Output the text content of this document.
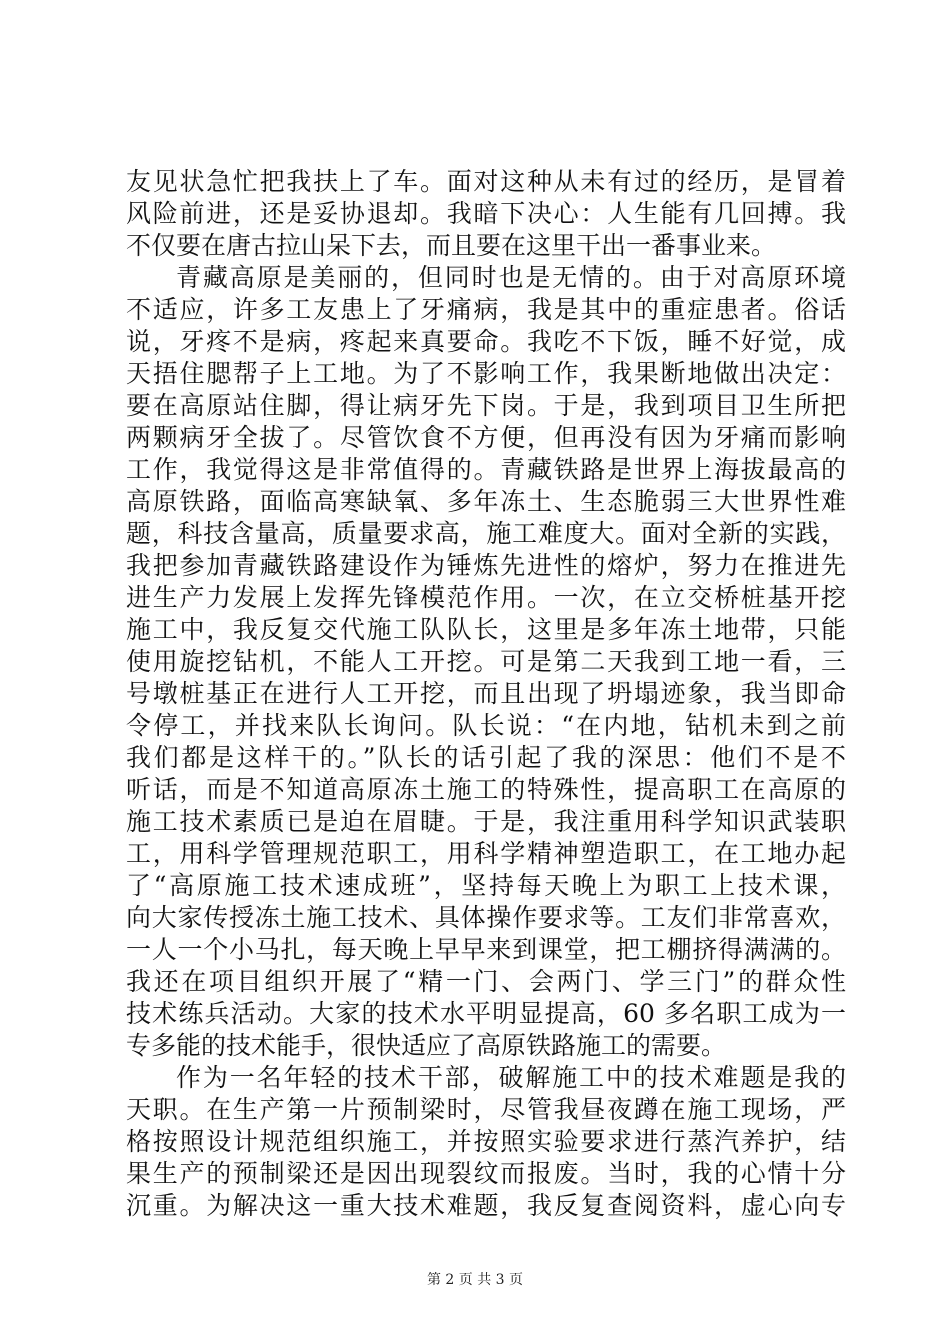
友见状急忙把我扶上了车。面对这种从未有过的经历，是冒着
风险前进，还是妥协退却。我暗下决心：人生能有几回搏。我
不仅要在唐古拉山呆下去，而且要在这里干出一番事业来。
青藏高原是美丽的，但同时也是无情的。由于对高原环境
不适应，许多工友患上了牙痛病，我是其中的重症患者。俗话
说，牙疼不是病，疼起来真要命。我吃不下饭，睡不好觉，成
天捂住腮帮子上工地。为了不影响工作，我果断地做出决定：
要在高原站住脚，得让病牙先下岗。于是，我到项目卫生所把
两颗病牙全拔了。尽管饮食不方便，但再没有因为牙痛而影响
工作，我觉得这是非常值得的。青藏铁路是世界上海拔最高的
高原铁路，面临高寒缺氧、多年冻土、生态脆弱三大世界性难
题，科技含量高，质量要求高，施工难度大。面对全新的实践，
我把参加青藏铁路建设作为锤炼先进性的熔炉，努力在推进先
进生产力发展上发挥先锋模范作用。一次，在立交桥桩基开挖
施工中，我反复交代施工队队长，这里是多年冻土地带，只能
使用旋挖钻机，不能人工开挖。可是第二天我到工地一看，三
号墩桩基正在进行人工开挖，而且出现了坍塌迹象，我当即命
令停工，并找来队长询问。队长说：“在内地，钻机未到之前
我们都是这样干的。”队长的话引起了我的深思：他们不是不
听话，而是不知道高原冻土施工的特殊性，提高职工在高原的
施工技术素质已是迫在眉睫。于是，我注重用科学知识武装职
工，用科学管理规范职工，用科学精神塑造职工，在工地办起
了“高原施工技术速成班”，坚持每天晚上为职工上技术课，
向大家传授冻土施工技术、具体操作要求等。工友们非常喜欢，
一人一个小马扎，每天晚上早早来到课堂，把工棚挤得满满的。
我还在项目组织开展了“精一门、会两门、学三门”的群众性
技术练兵活动。大家的技术水平明显提高，60 多名职工成为一
专多能的技术能手，很快适应了高原铁路施工的需要。
作为一名年轻的技术干部，破解施工中的技术难题是我的
天职。在生产第一片预制梁时，尽管我昼夜蹲在施工现场，严
格按照设计规范组织施工，并按照实验要求进行蒸汽养护，结
果生产的预制梁还是因出现裂纹而报废。当时，我的心情十分
沉重。为解决这一重大技术难题，我反复查阅资料，虚心向专
第 2 页 共 3 页
